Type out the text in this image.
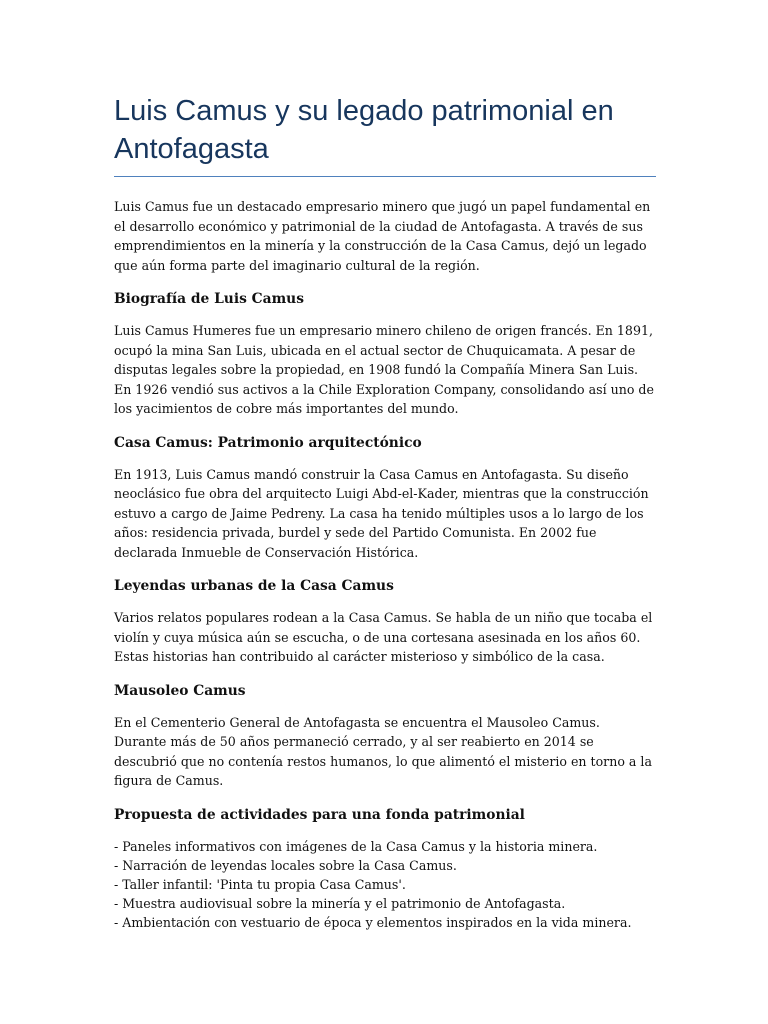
Luis Camus y su legado patrimonial en Antofagasta

Luis Camus fue un destacado empresario minero que jugó un papel fundamental en el desarrollo económico y patrimonial de la ciudad de Antofagasta. A través de sus emprendimientos en la minería y la construcción de la Casa Camus, dejó un legado que aún forma parte del imaginario cultural de la región.

Biografía de Luis Camus

Luis Camus Humeres fue un empresario minero chileno de origen francés. En 1891, ocupó la mina San Luis, ubicada en el actual sector de Chuquicamata. A pesar de disputas legales sobre la propiedad, en 1908 fundó la Compañía Minera San Luis. En 1926 vendió sus activos a la Chile Exploration Company, consolidando así uno de los yacimientos de cobre más importantes del mundo.

Casa Camus: Patrimonio arquitectónico

En 1913, Luis Camus mandó construir la Casa Camus en Antofagasta. Su diseño neoclásico fue obra del arquitecto Luigi Abd-el-Kader, mientras que la construcción estuvo a cargo de Jaime Pedreny. La casa ha tenido múltiples usos a lo largo de los años: residencia privada, burdel y sede del Partido Comunista. En 2002 fue declarada Inmueble de Conservación Histórica.

Leyendas urbanas de la Casa Camus

Varios relatos populares rodean a la Casa Camus. Se habla de un niño que tocaba el violín y cuya música aún se escucha, o de una cortesana asesinada en los años 60. Estas historias han contribuido al carácter misterioso y simbólico de la casa.

Mausoleo Camus

En el Cementerio General de Antofagasta se encuentra el Mausoleo Camus. Durante más de 50 años permaneció cerrado, y al ser reabierto en 2014 se descubrió que no contenía restos humanos, lo que alimentó el misterio en torno a la figura de Camus.

Propuesta de actividades para una fonda patrimonial
- Paneles informativos con imágenes de la Casa Camus y la historia minera.
- Narración de leyendas locales sobre la Casa Camus.
- Taller infantil: 'Pinta tu propia Casa Camus'.
- Muestra audiovisual sobre la minería y el patrimonio de Antofagasta.
- Ambientación con vestuario de época y elementos inspirados en la vida minera.
